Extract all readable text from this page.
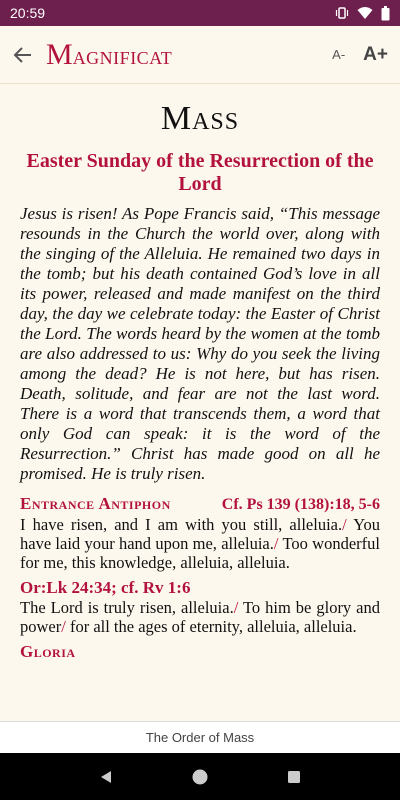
20:59
M AGNIFICAT	A- A+
Mass
Easter Sunday of the Resurrection of the Lord

Jesus is risen! As Pope Francis said, “This message resounds in the Church the world over, along with the singing of the Alleluia. He remained two days in the tomb; but his death contained God’s love in all its power, released and made manifest on the third day, the day we celebrate today: the Easter of Christ the Lord. The words heard by the women at the tomb are also addressed to us: Why do you seek the living among the dead? He is not here, but has risen. Death, solitude, and fear are not the last word. There is a word that transcends them, a word that only God can speak: it is the word of the Resurrection.” Christ has made good on all he promised. He is truly risen.

Entrance Antiphon	Cf. Ps 139 (138):18, 5-6

I have risen, and I am with you still, alleluia./ You have laid your hand upon me, alleluia./ Too wonderful for me, this knowledge, alleluia, alleluia.

Or:Lk 24:34; cf. Rv 1:6

The Lord is truly risen, alleluia./ To him be glory and power/ for all the ages of eternity, alleluia, alleluia.

Gloria
The Order of Mass
